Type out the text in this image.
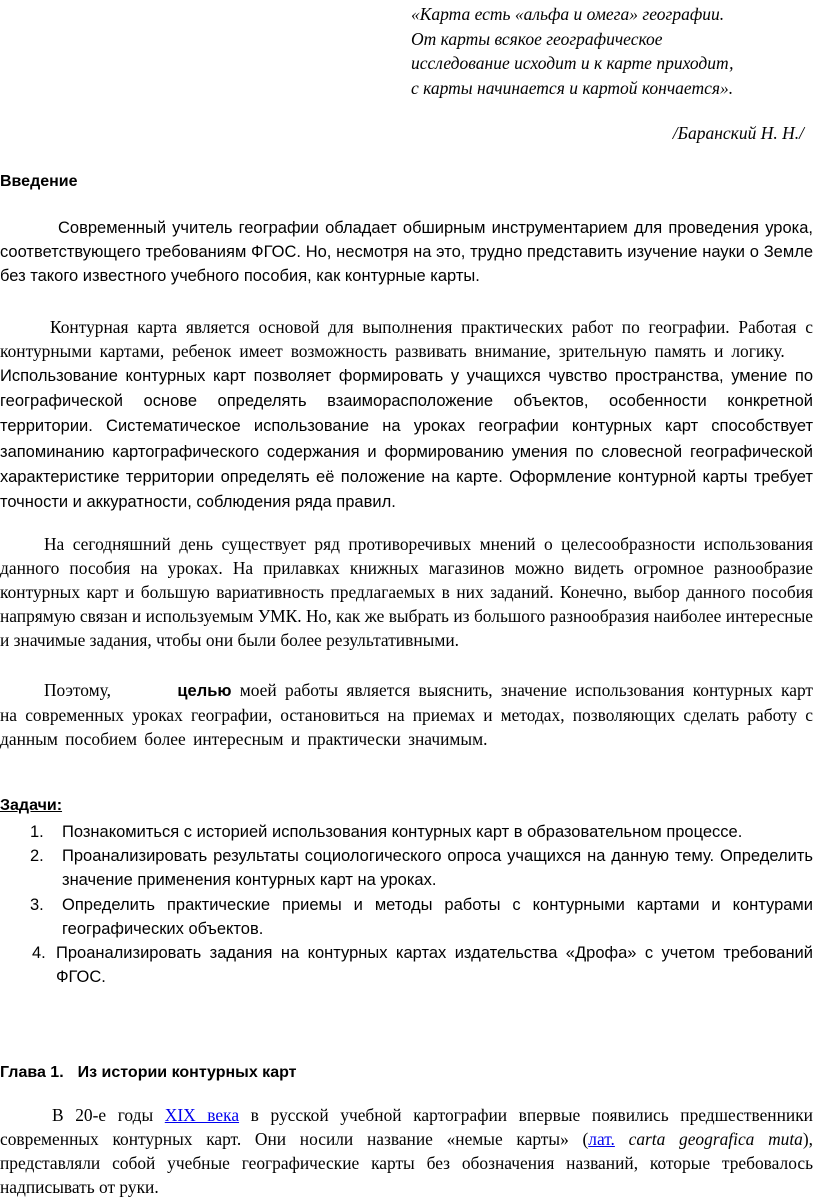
«Карта есть «альфа и омега» географии.
От карты всякое географическое
исследование исходит и к карте приходит,
с карты начинается и картой кончается».
/Баранский Н. Н./
Введение
Современный учитель географии обладает обширным инструментарием для проведения урока, соответствующего требованиям ФГОС. Но, несмотря на это, трудно представить изучение науки о Земле без такого известного учебного пособия, как контурные карты.
Контурная карта является основой для выполнения практических работ по географии. Работая с контурными картами, ребенок имеет возможность развивать внимание, зрительную память и логику.     Использование контурных карт позволяет формировать у учащихся чувство пространства, умение по географической основе определять взаиморасположение объектов, особенности конкретной территории. Систематическое использование на уроках географии контурных карт способствует запоминанию картографического содержания и формированию умения по словесной географической характеристике территории определять её положение на карте. Оформление контурной карты требует точности и аккуратности, соблюдения ряда правил.
На сегодняшний день существует ряд противоречивых мнений о целесообразности использования данного пособия на уроках. На прилавках книжных магазинов можно видеть огромное разнообразие контурных карт и большую вариативность предлагаемых в них заданий. Конечно, выбор данного пособия напрямую связан и используемым УМК. Но, как же выбрать из большого разнообразия наиболее интересные и значимые задания, чтобы они были более результативными.
Поэтому,	целью моей работы является выяснить, значение использования контурных карт на современных уроках географии, остановиться на приемах и методах, позволяющих сделать работу с данным пособием более интересным и практически значимым.
Задачи:
1. Познакомиться с историей использования контурных карт в образовательном процессе.
2. Проанализировать результаты социологического опроса учащихся на данную тему. Определить значение применения контурных карт на уроках.
3. Определить практические приемы и методы работы с контурными картами и контурами географических объектов.
4. Проанализировать задания на контурных картах издательства «Дрофа» с учетом требований ФГОС.
Глава 1. Из истории контурных карт
В 20-е годы XIX века в русской учебной картографии впервые появились предшественники современных контурных карт. Они носили название «немые карты» (лат. carta geografica muta), представляли собой учебные географические карты без обозначения названий, которые требовалось надписывать от руки.
